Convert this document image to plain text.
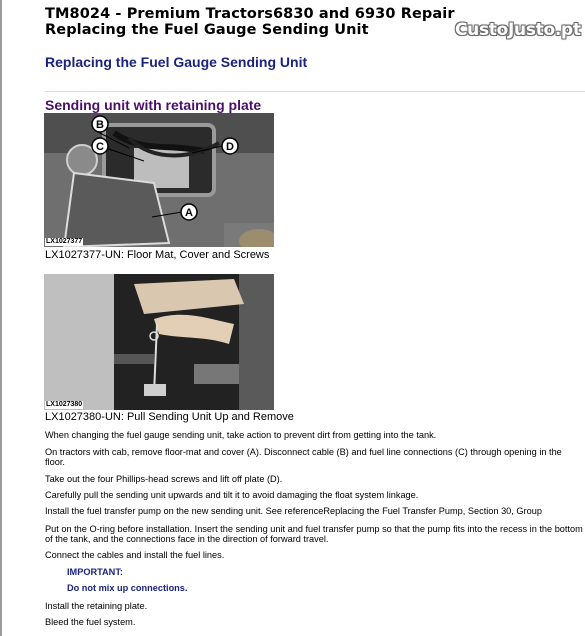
TM8024 - Premium Tractors6830 and 6930 Repair
Replacing the Fuel Gauge Sending Unit	CustoJusto.pt
Replacing the Fuel Gauge Sending Unit
Sending unit with retaining plate
B
C	D
A
LX1027377
LX1027377-UN: Floor Mat, Cover and Screws
LX1027380
LX1027380-UN: Pull Sending Unit Up and Remove
When changing the fuel gauge sending unit, take action to prevent dirt from getting into the tank.
On tractors with cab, remove floor-mat and cover (A). Disconnect cable (B) and fuel line connections (C) through opening in the
floor.
Take out the four Phillips-head screws and lift off plate (D).
Carefully pull the sending unit upwards and tilt it to avoid damaging the float system linkage.
Install the fuel transfer pump on the new sending unit. See referenceReplacing the Fuel Transfer Pump, Section 30, Group
Put on the O-ring before installation. Insert the sending unit and fuel transfer pump so that the pump fits into the recess in the bottom
of the tank, and the connections face in the direction of forward travel.
Connect the cables and install the fuel lines.
IMPORTANT:
Do not mix up connections.
Install the retaining plate.
Bleed the fuel system.
